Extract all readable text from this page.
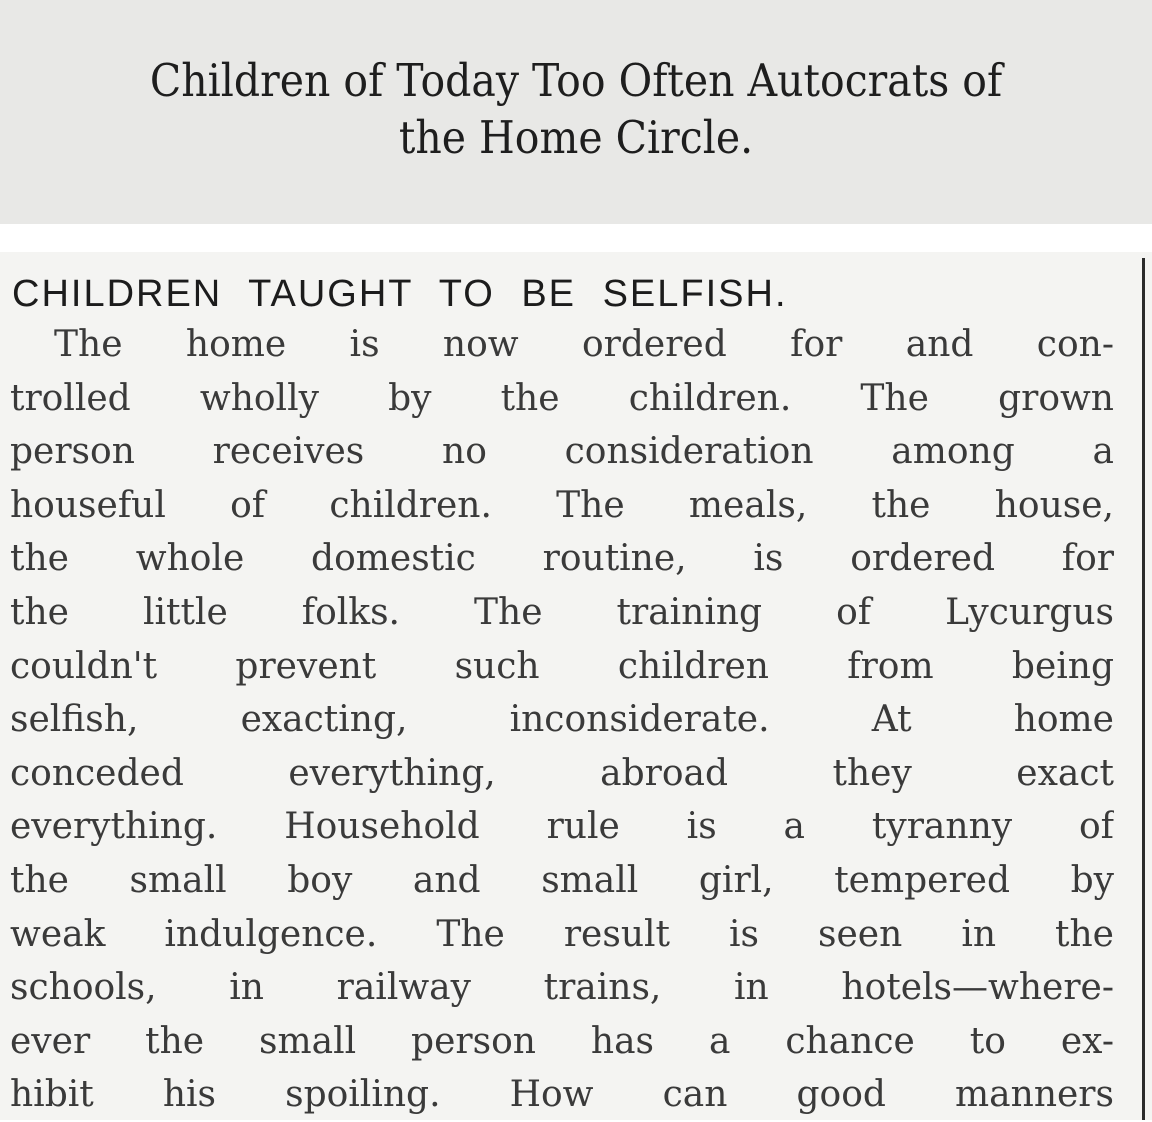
Children of Today Too Often Autocrats of
the Home Circle.
CHILDREN TAUGHT TO BE SELFISH.
The home is now ordered for and con-
trolled wholly by the children. The grown
person receives no consideration among a
houseful of children. The meals, the house,
the whole domestic routine, is ordered for
the little folks. The training of Lycurgus
couldn't prevent such children from being
selfish, exacting, inconsiderate. At home
conceded everything, abroad they exact
everything. Household rule is a tyranny of
the small boy and small girl, tempered by
weak indulgence. The result is seen in the
schools, in railway trains, in hotels—where-
ever the small person has a chance to ex-
hibit his spoiling. How can good manners
